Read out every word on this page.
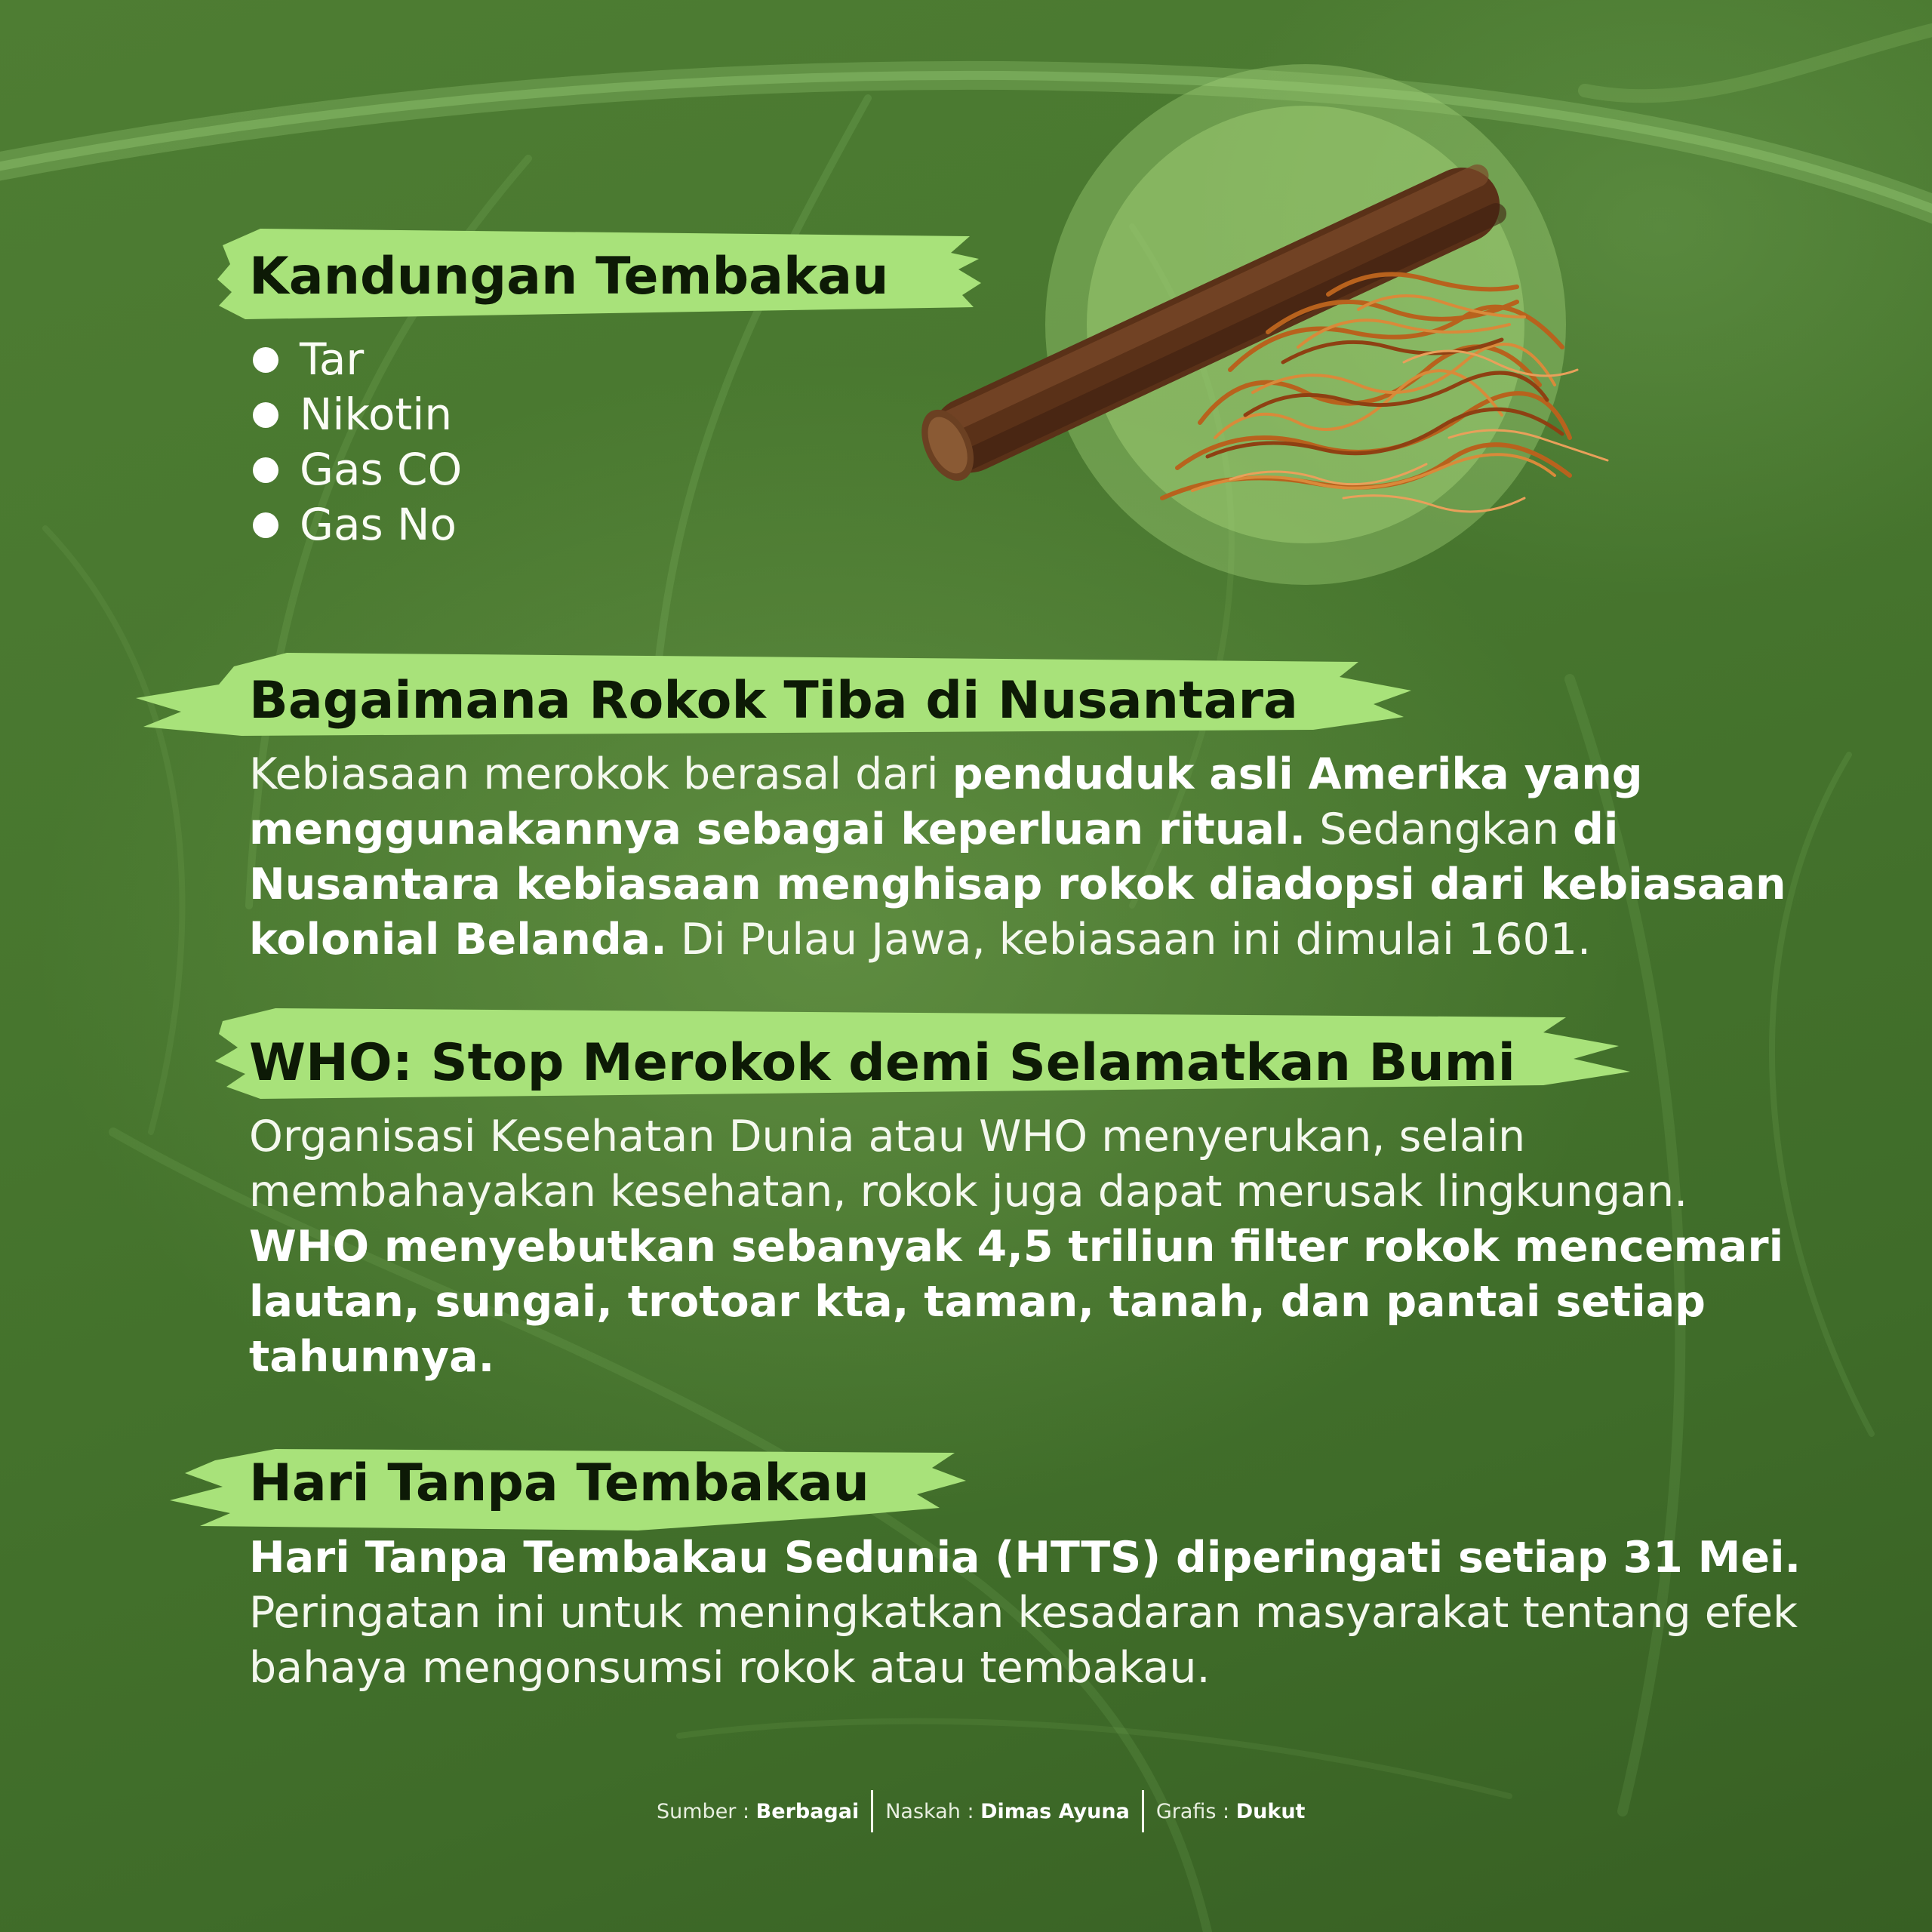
Kandungan Tembakau
Tar
Nikotin
Gas CO
Gas No
Bagaimana Rokok Tiba di Nusantara

Kebiasaan merokok berasal dari penduduk asli Amerika yang menggunakannya sebagai keperluan ritual. Sedangkan di Nusantara kebiasaan menghisap rokok diadopsi dari kebiasaan kolonial Belanda. Di Pulau Jawa, kebiasaan ini dimulai 1601.

WHO: Stop Merokok demi Selamatkan Bumi

Organisasi Kesehatan Dunia atau WHO menyerukan, selain membahayakan kesehatan, rokok juga dapat merusak lingkungan. WHO menyebutkan sebanyak 4,5 triliun filter rokok mencemari lautan, sungai, trotoar kta, taman, tanah, dan pantai setiap tahunnya.

Hari Tanpa Tembakau

Hari Tanpa Tembakau Sedunia (HTTS) diperingati setiap 31 Mei. Peringatan ini untuk meningkatkan kesadaran masyarakat tentang efek bahaya mengonsumsi rokok atau tembakau.

Sumber : Berbagai Naskah : Dimas Ayuna Grafis : Dukut
